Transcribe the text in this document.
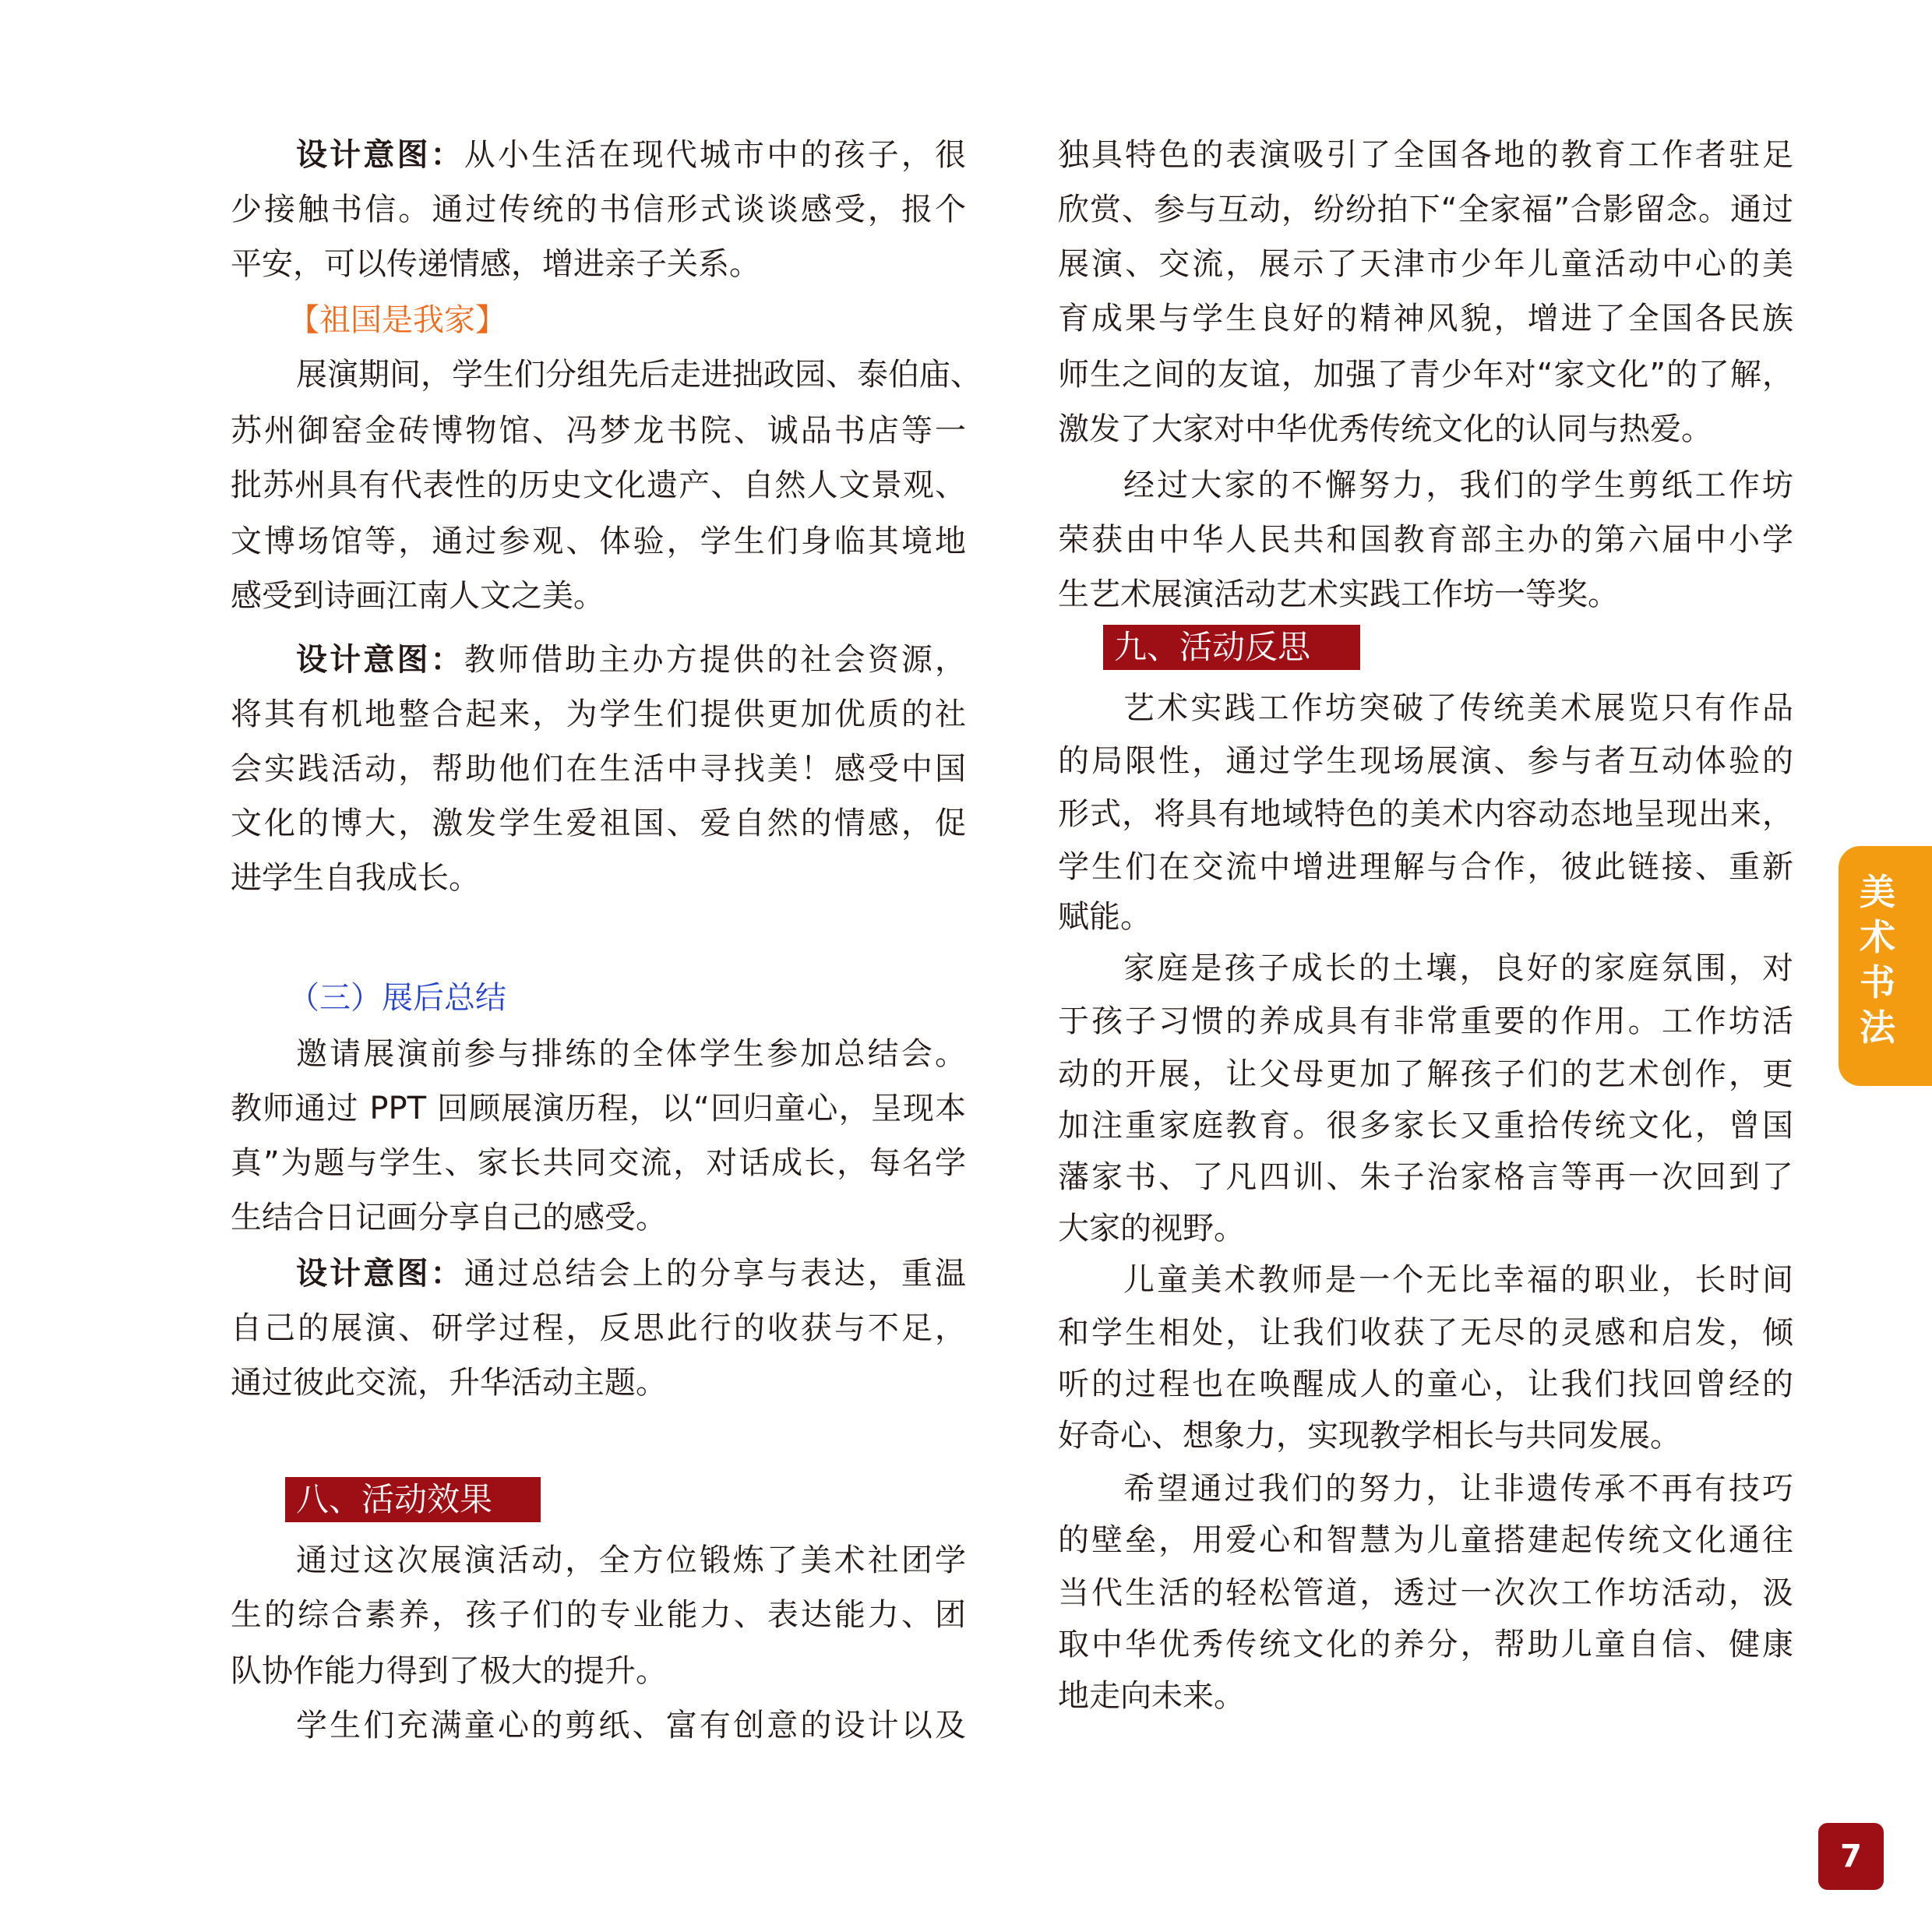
设计意图：从小生活在现代城市中的孩子，很
少接触书信。通过传统的书信形式谈谈感受，报个
平安，可以传递情感，增进亲子关系。
【祖国是我家】
展演期间，学生们分组先后走进拙政园、泰伯庙、
苏州御窑金砖博物馆、冯梦龙书院、诚品书店等一
批苏州具有代表性的历史文化遗产、自然人文景观、
文博场馆等，通过参观、体验，学生们身临其境地
感受到诗画江南人文之美。
设计意图：教师借助主办方提供的社会资源，
将其有机地整合起来，为学生们提供更加优质的社
会实践活动，帮助他们在生活中寻找美！感受中国
文化的博大，激发学生爱祖国、爱自然的情感，促
进学生自我成长。
（三）展后总结
邀请展演前参与排练的全体学生参加总结会。
教师通过 PPT 回顾展演历程，以“回归童心，呈现本
真”为题与学生、家长共同交流，对话成长，每名学
生结合日记画分享自己的感受。
设计意图：通过总结会上的分享与表达，重温
自己的展演、研学过程，反思此行的收获与不足，
通过彼此交流，升华活动主题。
八、活动效果
通过这次展演活动，全方位锻炼了美术社团学
生的综合素养，孩子们的专业能力、表达能力、团
队协作能力得到了极大的提升。
学生们充满童心的剪纸、富有创意的设计以及
独具特色的表演吸引了全国各地的教育工作者驻足
欣赏、参与互动，纷纷拍下“全家福”合影留念。通过
展演、交流，展示了天津市少年儿童活动中心的美
育成果与学生良好的精神风貌，增进了全国各民族
师生之间的友谊，加强了青少年对“家文化”的了解，
激发了大家对中华优秀传统文化的认同与热爱。
经过大家的不懈努力，我们的学生剪纸工作坊
荣获由中华人民共和国教育部主办的第六届中小学
生艺术展演活动艺术实践工作坊一等奖。
九、活动反思
艺术实践工作坊突破了传统美术展览只有作品
的局限性，通过学生现场展演、参与者互动体验的
形式，将具有地域特色的美术内容动态地呈现出来，
学生们在交流中增进理解与合作，彼此链接、重新
赋能。
家庭是孩子成长的土壤，良好的家庭氛围，对
于孩子习惯的养成具有非常重要的作用。工作坊活
动的开展，让父母更加了解孩子们的艺术创作，更
加注重家庭教育。很多家长又重拾传统文化，曾国
藩家书、了凡四训、朱子治家格言等再一次回到了
大家的视野。
儿童美术教师是一个无比幸福的职业，长时间
和学生相处，让我们收获了无尽的灵感和启发，倾
听的过程也在唤醒成人的童心，让我们找回曾经的
好奇心、想象力，实现教学相长与共同发展。
希望通过我们的努力，让非遗传承不再有技巧
的壁垒，用爱心和智慧为儿童搭建起传统文化通往
当代生活的轻松管道，透过一次次工作坊活动，汲
取中华优秀传统文化的养分，帮助儿童自信、健康
地走向未来。
美
术
书
法
7
